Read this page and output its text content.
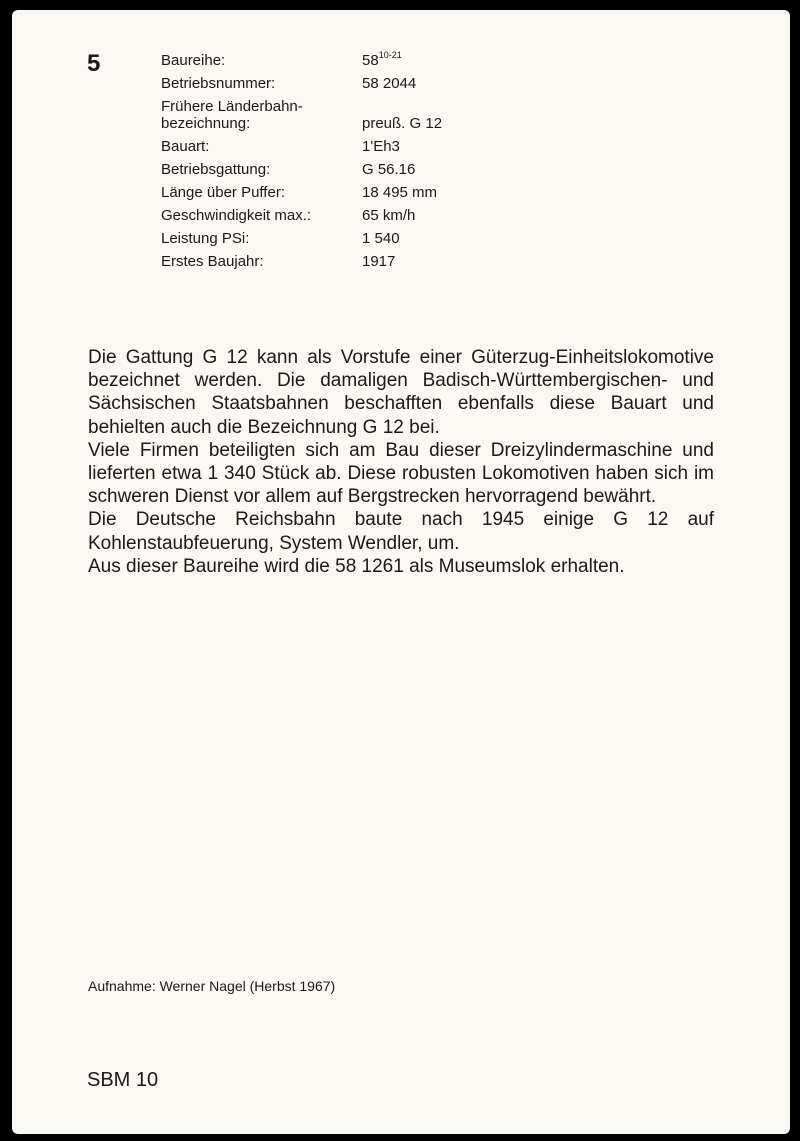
5	Baureihe:	58$^{10-21}$
Betriebsnummer:	58 2044
Frühere Länderbahn-
bezeichnung:	preuß. G 12
Bauart:	1'Eh3
Betriebsgattung:	G 56.16
Länge über Puffer:	18 495 mm
Geschwindigkeit max.:	65 km/h
Leistung PSi:	1 540
Erstes Baujahr:	1917

Die Gattung G 12 kann als Vorstufe einer Güterzug-Einheitslokomotive bezeichnet werden. Die damaligen Badisch-Württembergischen- und Sächsischen Staatsbahnen beschafften ebenfalls diese Bauart und behielten auch die Bezeichnung G 12 bei.

Viele Firmen beteiligten sich am Bau dieser Dreizylindermaschine und lieferten etwa 1 340 Stück ab. Diese robusten Lokomotiven haben sich im schweren Dienst vor allem auf Bergstrecken hervorragend bewährt.

Die Deutsche Reichsbahn baute nach 1945 einige G 12 auf Kohlenstaubfeuerung, System Wendler, um.

Aus dieser Baureihe wird die 58 1261 als Museumslok erhalten.

Aufnahme: Werner Nagel (Herbst 1967)
SBM 10
